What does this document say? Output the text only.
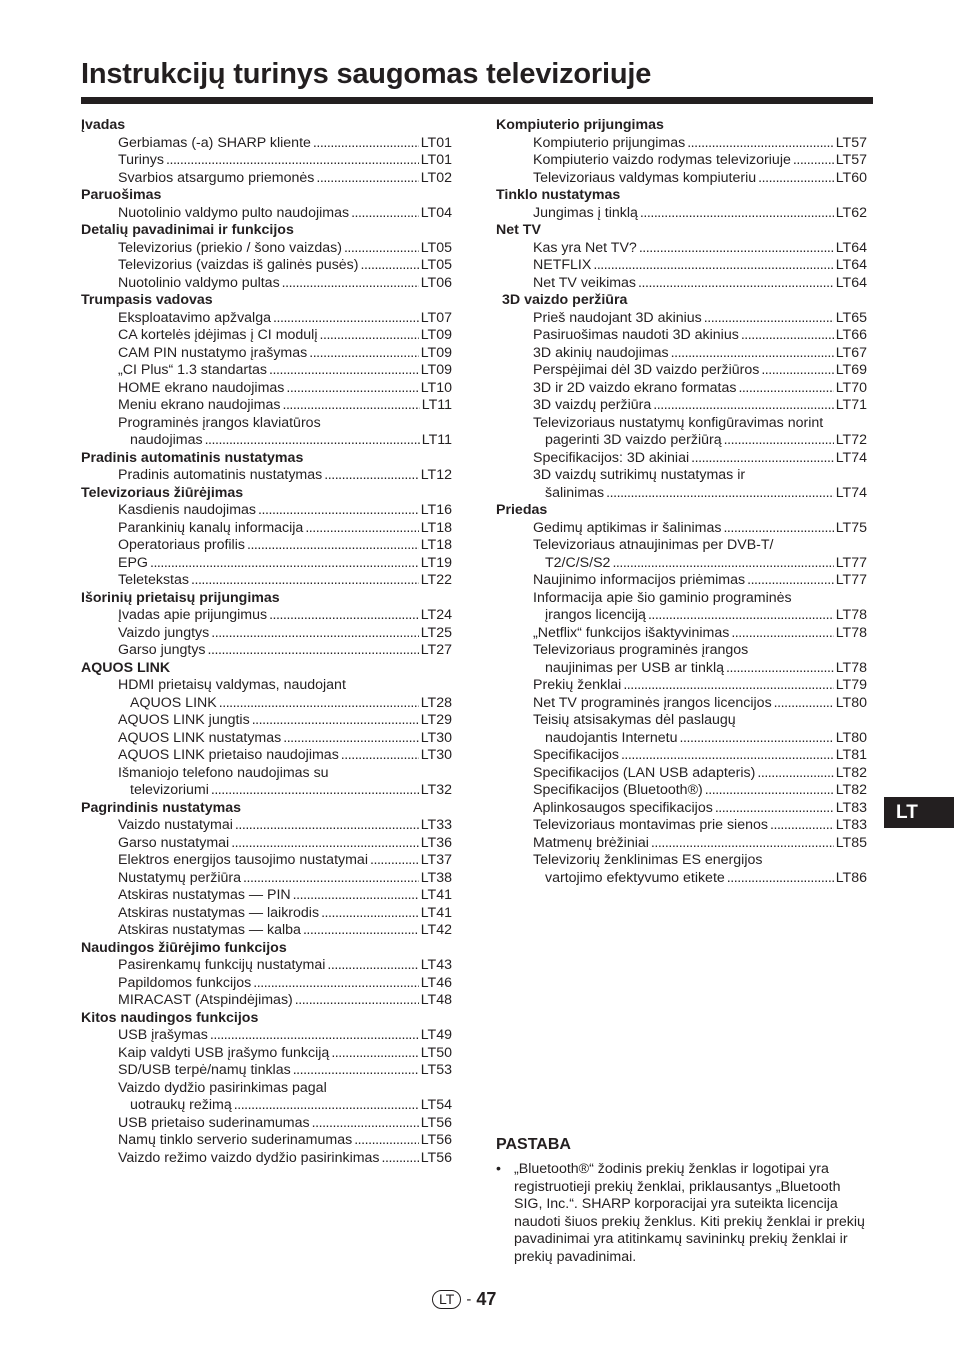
Instrukcijų turinys saugomas televizoriuje
Įvadas
Gerbiamas (-a) SHARP kliente . . .	LT01
Turinys . . .	LT01
Svarbios atsargumo priemonės . . .	LT02
Paruošimas
Nuotolinio valdymo pulto naudojimas . . .	LT04
Detalių pavadinimai ir funkcijos
Televizorius (priekio / šono vaizdas) . . .	LT05
Televizorius (vaizdas iš galinės pusės) . . .	LT05
Nuotolinio valdymo pultas . . .	LT06
Trumpasis vadovas
Eksploatavimo apžvalga . . .	LT07
CA kortelės įdėjimas į CI modulį . . .	LT09
CAM PIN nustatymo įrašymas . . .	LT09
„CI Plus“ 1.3 standartas . . .	LT09
HOME ekrano naudojimas . . .	LT10
Meniu ekrano naudojimas . . .	LT11
Programinės įrangos klaviatūros
naudojimas . . .	LT11
Pradinis automatinis nustatymas
Pradinis automatinis nustatymas . . .	LT12
Televizoriaus žiūrėjimas
Kasdienis naudojimas . . .	LT16
Parankinių kanalų informacija . . .	LT18
Operatoriaus profilis . . .	LT18
EPG . . .	LT19
Teletekstas . . .	LT22
Išorinių prietaisų prijungimas
Įvadas apie prijungimus . . .	LT24
Vaizdo jungtys . . .	LT25
Garso jungtys . . .	LT27
AQUOS LINK
HDMI prietaisų valdymas, naudojant
AQUOS LINK . . .	LT28
AQUOS LINK jungtis . . .	LT29
AQUOS LINK nustatymas . . .	LT30
AQUOS LINK prietaiso naudojimas . . .	LT30
Išmaniojo telefono naudojimas su
televizoriumi . . .	LT32
Pagrindinis nustatymas
Vaizdo nustatymai . . .	LT33
Garso nustatymai . . .	LT36
Elektros energijos tausojimo nustatymai . . .	LT37
Nustatymų peržiūra . . .	LT38
Atskiras nustatymas — PIN . . .	LT41
Atskiras nustatymas — laikrodis . . .	LT41
Atskiras nustatymas — kalba . . .	LT42
Naudingos žiūrėjimo funkcijos
Pasirenkamų funkcijų nustatymai . . .	LT43
Papildomos funkcijos . . .	LT46
MIRACAST (Atspindėjimas) . . .	LT48
Kitos naudingos funkcijos
USB įrašymas . . .	LT49
Kaip valdyti USB įrašymo funkciją . . .	LT50
SD/USB terpė/namų tinklas . . .	LT53
Vaizdo dydžio pasirinkimas pagal
uotraukų režimą . . .	LT54
USB prietaiso suderinamumas . . .	LT56
Namų tinklo serverio suderinamumas . . .	LT56
Vaizdo režimo vaizdo dydžio pasirinkimas . . .	LT56
Kompiuterio prijungimas
Kompiuterio prijungimas . . .	LT57
Kompiuterio vaizdo rodymas televizoriuje . . .	LT57
Televizoriaus valdymas kompiuteriu . . .	LT60
Tinklo nustatymas
Jungimas į tinklą . . .	LT62
Net TV
Kas yra Net TV? . . .	LT64
NETFLIX . . .	LT64
Net TV veikimas . . .	LT64
3D vaizdo peržiūra
Prieš naudojant 3D akinius . . .	LT65
Pasiruošimas naudoti 3D akinius . . .	LT66
3D akinių naudojimas . . .	LT67
Perspėjimai dėl 3D vaizdo peržiūros . . .	LT69
3D ir 2D vaizdo ekrano formatas . . .	LT70
3D vaizdų peržiūra . . .	LT71
Televizoriaus nustatymų konfigūravimas norint
pagerinti 3D vaizdo peržiūrą . . .	LT72
Specifikacijos: 3D akiniai . . .	LT74
3D vaizdų sutrikimų nustatymas ir
šalinimas . . .	LT74
Priedas
Gedimų aptikimas ir šalinimas . . .	LT75
Televizoriaus atnaujinimas per DVB-T/
T2/C/S/S2 . . .	LT77
Naujinimo informacijos priėmimas . . .	LT77
Informacija apie šio gaminio programinės
įrangos licenciją . . .	LT78
„Netflix“ funkcijos išaktyvinimas . . .	LT78
Televizoriaus programinės įrangos
naujinimas per USB ar tinklą . . .	LT78
Prekių ženklai . . .	LT79
Net TV programinės įrangos licencijos . . .	LT80
Teisių atsisakymas dėl paslaugų
naudojantis Internetu . . .	LT80
Specifikacijos . . .	LT81
Specifikacijos (LAN USB adapteris) . . .	LT82
Specifikacijos (Bluetooth®) . . .	LT82
Aplinkosaugos specifikacijos . . .	LT83
Televizoriaus montavimas prie sienos . . .	LT83
Matmenų brėžiniai . . .	LT85
Televizorių ženklinimas ES energijos
vartojimo efektyvumo etikete . . .	LT86
LT
PASTABA
• „Bluetooth®“ žodinis prekių ženklas ir logotipai yra registruotieji prekių ženklai, priklausantys „Bluetooth SIG, Inc.“. SHARP korporacijai yra suteikta licencija naudoti šiuos prekių ženklus. Kiti prekių ženklai ir prekių pavadinimai yra atitinkamų savininkų prekių ženklai ir prekių pavadinimai.
LT - 47
